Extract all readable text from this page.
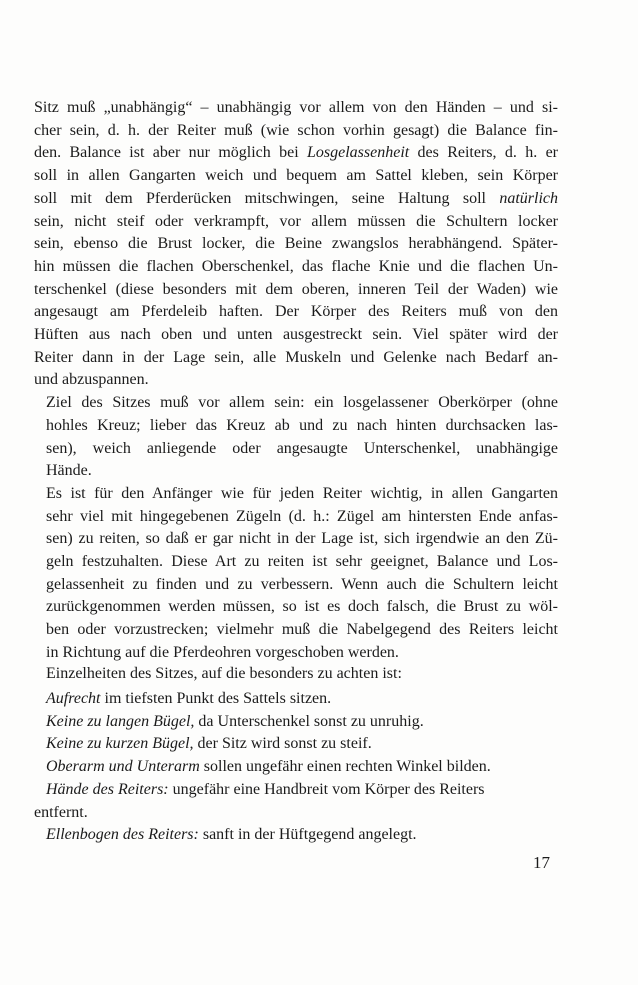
Sitz muß „unabhängig“ – unabhängig vor allem von den Händen – und si-
cher sein, d. h. der Reiter muß (wie schon vorhin gesagt) die Balance fin-
den. Balance ist aber nur möglich bei Losgelassenheit des Reiters, d. h. er
soll in allen Gangarten weich und bequem am Sattel kleben, sein Körper
soll mit dem Pferderücken mitschwingen, seine Haltung soll natürlich
sein, nicht steif oder verkrampft, vor allem müssen die Schultern locker
sein, ebenso die Brust locker, die Beine zwangslos herabhängend. Später-
hin müssen die flachen Oberschenkel, das flache Knie und die flachen Un-
terschenkel (diese besonders mit dem oberen, inneren Teil der Waden) wie
angesaugt am Pferdeleib haften. Der Körper des Reiters muß von den
Hüften aus nach oben und unten ausgestreckt sein. Viel später wird der
Reiter dann in der Lage sein, alle Muskeln und Gelenke nach Bedarf an-
und abzuspannen.
Ziel des Sitzes muß vor allem sein: ein losgelassener Oberkörper (ohne
hohles Kreuz; lieber das Kreuz ab und zu nach hinten durchsacken las-
sen), weich anliegende oder angesaugte Unterschenkel, unabhängige
Hände.
Es ist für den Anfänger wie für jeden Reiter wichtig, in allen Gangarten
sehr viel mit hingegebenen Zügeln (d. h.: Zügel am hintersten Ende anfas-
sen) zu reiten, so daß er gar nicht in der Lage ist, sich irgendwie an den Zü-
geln festzuhalten. Diese Art zu reiten ist sehr geeignet, Balance und Los-
gelassenheit zu finden und zu verbessern. Wenn auch die Schultern leicht
zurückgenommen werden müssen, so ist es doch falsch, die Brust zu wöl-
ben oder vorzustrecken; vielmehr muß die Nabelgegend des Reiters leicht
in Richtung auf die Pferdeohren vorgeschoben werden.
Einzelheiten des Sitzes, auf die besonders zu achten ist:
Aufrecht im tiefsten Punkt des Sattels sitzen.
Keine zu langen Bügel, da Unterschenkel sonst zu unruhig.
Keine zu kurzen Bügel, der Sitz wird sonst zu steif.
Oberarm und Unterarm sollen ungefähr einen rechten Winkel bilden.
Hände des Reiters: ungefähr eine Handbreit vom Körper des Reiters
entfernt.
Ellenbogen des Reiters: sanft in der Hüftgegend angelegt.
17
